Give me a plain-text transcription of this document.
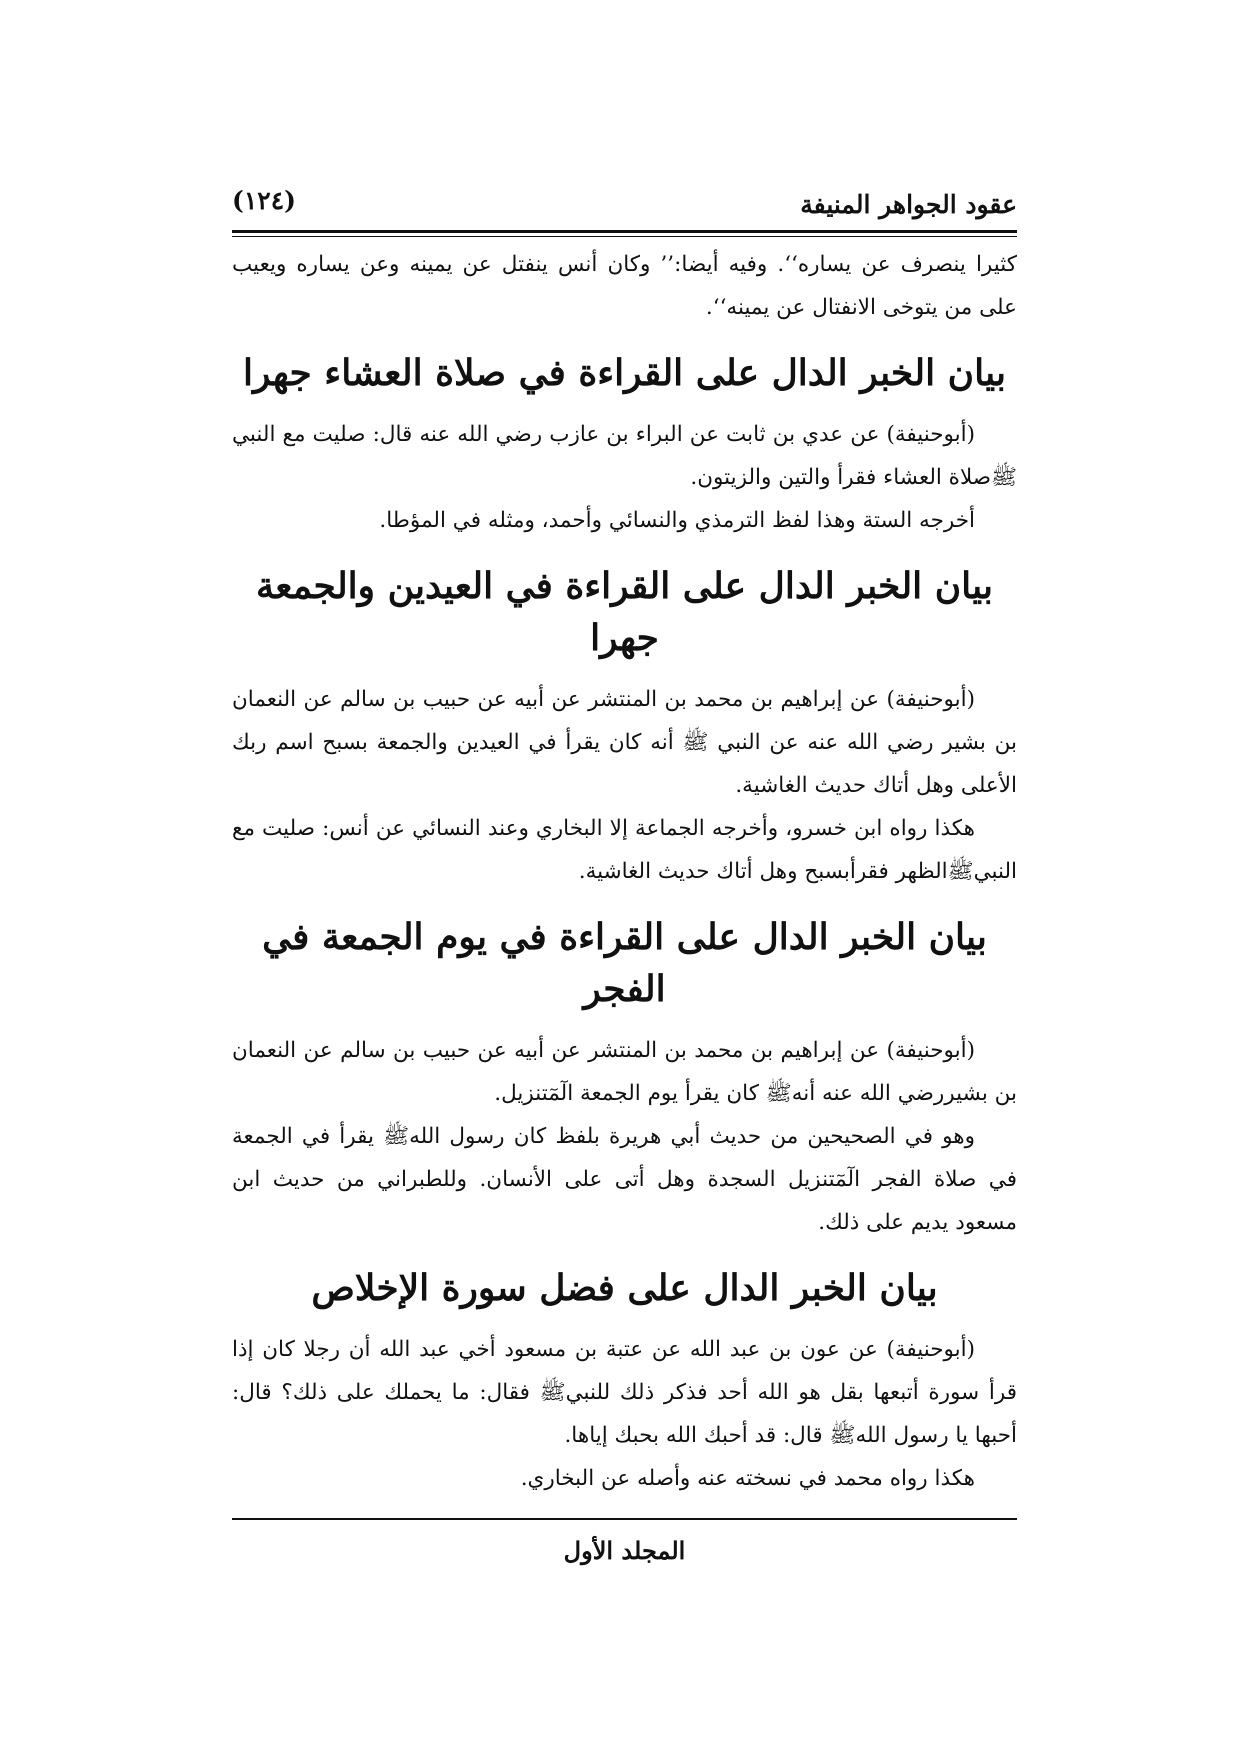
عقود الجواهر المنيفة
(١٢٤)

كثيرا ينصرف عن يساره‘‘. وفيه أيضا:’’ وكان أنس ينفتل عن يمينه وعن يساره ويعيب على من يتوخى الانفتال عن يمينه‘‘.

بيان الخبر الدال على القراءة في صلاة العشاء جهرا

(أبوحنيفة) عن عدي بن ثابت عن البراء بن عازب رضي الله عنه قال: صليت مع النبي ﷺصلاة العشاء فقرأ والتين والزيتون.

أخرجه الستة وهذا لفظ الترمذي والنسائي وأحمد، ومثله في المؤطا.

بيان الخبر الدال على القراءة في العيدين والجمعة جهرا

(أبوحنيفة) عن إبراهيم بن محمد بن المنتشر عن أبيه عن حبيب بن سالم عن النعمان بن بشير رضي الله عنه عن النبي ﷺ أنه كان يقرأ في العيدين والجمعة بسبح اسم ربك الأعلى وهل أتاك حديث الغاشية.

هكذا رواه ابن خسرو، وأخرجه الجماعة إلا البخاري وعند النسائي عن أنس: صليت مع النبيﷺالظهر فقرأبسبح وهل أتاك حديث الغاشية.

بيان الخبر الدال على القراءة في يوم الجمعة في الفجر

(أبوحنيفة) عن إبراهيم بن محمد بن المنتشر عن أبيه عن حبيب بن سالم عن النعمان بن بشيررضي الله عنه أنهﷺ كان يقرأ يوم الجمعة الٓمٓتنزيل.

وهو في الصحيحين من حديث أبي هريرة بلفظ كان رسول اللهﷺ يقرأ في الجمعة في صلاة الفجر الٓمٓتنزيل السجدة وهل أتى على الأنسان. وللطبراني من حديث ابن مسعود يديم على ذلك.

بيان الخبر الدال على فضل سورة الإخلاص

(أبوحنيفة) عن عون بن عبد الله عن عتبة بن مسعود أخي عبد الله أن رجلا كان إذا قرأ سورة أتبعها بقل هو الله أحد فذكر ذلك للنبيﷺ فقال: ما يحملك على ذلك؟ قال: أحبها يا رسول اللهﷺ قال: قد أحبك الله بحبك إياها.

هكذا رواه محمد في نسخته عنه وأصله عن البخاري.

المجلد الأول
